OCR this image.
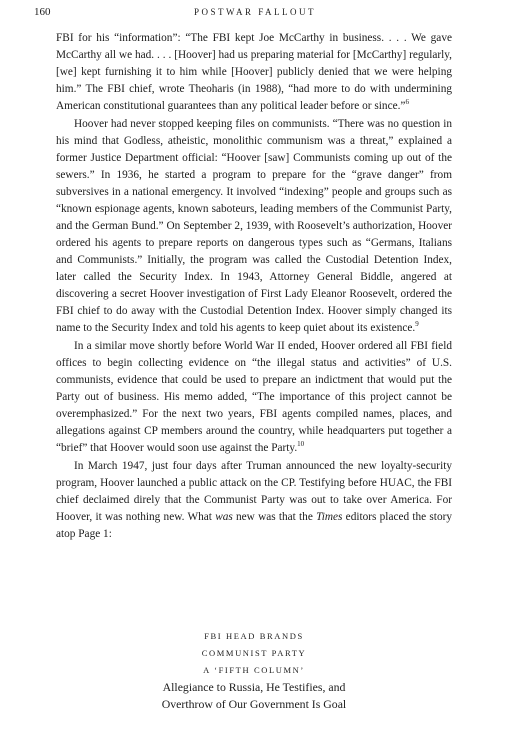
160	POSTWAR FALLOUT

FBI for his “information”: “The FBI kept Joe McCarthy in business. . . . We gave McCarthy all we had. . . . [Hoover] had us preparing material for [McCarthy] regularly, [we] kept furnishing it to him while [Hoover] publicly denied that we were helping him.” The FBI chief, wrote Theoharis (in 1988), “had more to do with undermining American constitutional guarantees than any political leader before or since.”$^6$

Hoover had never stopped keeping files on communists. “There was no question in his mind that Godless, atheistic, monolithic communism was a threat,” explained a former Justice Department official: “Hoover [saw] Communists coming up out of the sewers.” In 1936, he started a program to prepare for the “grave danger” from subversives in a national emergency. It involved “indexing” people and groups such as “known espionage agents, known saboteurs, leading members of the Communist Party, and the German Bund.” On September 2, 1939, with Roosevelt’s authorization, Hoover ordered his agents to prepare reports on dangerous types such as “Germans, Italians and Communists.” Initially, the program was called the Custodial Detention Index, later called the Security Index. In 1943, Attorney General Biddle, angered at discovering a secret Hoover investigation of First Lady Eleanor Roosevelt, ordered the FBI chief to do away with the Custodial Detention Index. Hoover simply changed its name to the Security Index and told his agents to keep quiet about its existence.$^9$

In a similar move shortly before World War II ended, Hoover ordered all FBI field offices to begin collecting evidence on “the illegal status and activities” of U.S. communists, evidence that could be used to prepare an indictment that would put the Party out of business. His memo added, “The importance of this project cannot be overemphasized.” For the next two years, FBI agents compiled names, places, and allegations against CP members around the country, while headquarters put together a “brief” that Hoover would soon use against the Party.$^{10}$

In March 1947, just four days after Truman announced the new loyalty-security program, Hoover launched a public attack on the CP. Testifying before HUAC, the FBI chief declaimed direly that the Communist Party was out to take over America. For Hoover, it was nothing new. What was new was that the Times editors placed the story atop Page 1:

FBI HEAD BRANDS

COMMUNIST PARTY

A ‘FIFTH COLUMN’

Allegiance to Russia, He Testifies, and

Overthrow of Our Government Is Goal
